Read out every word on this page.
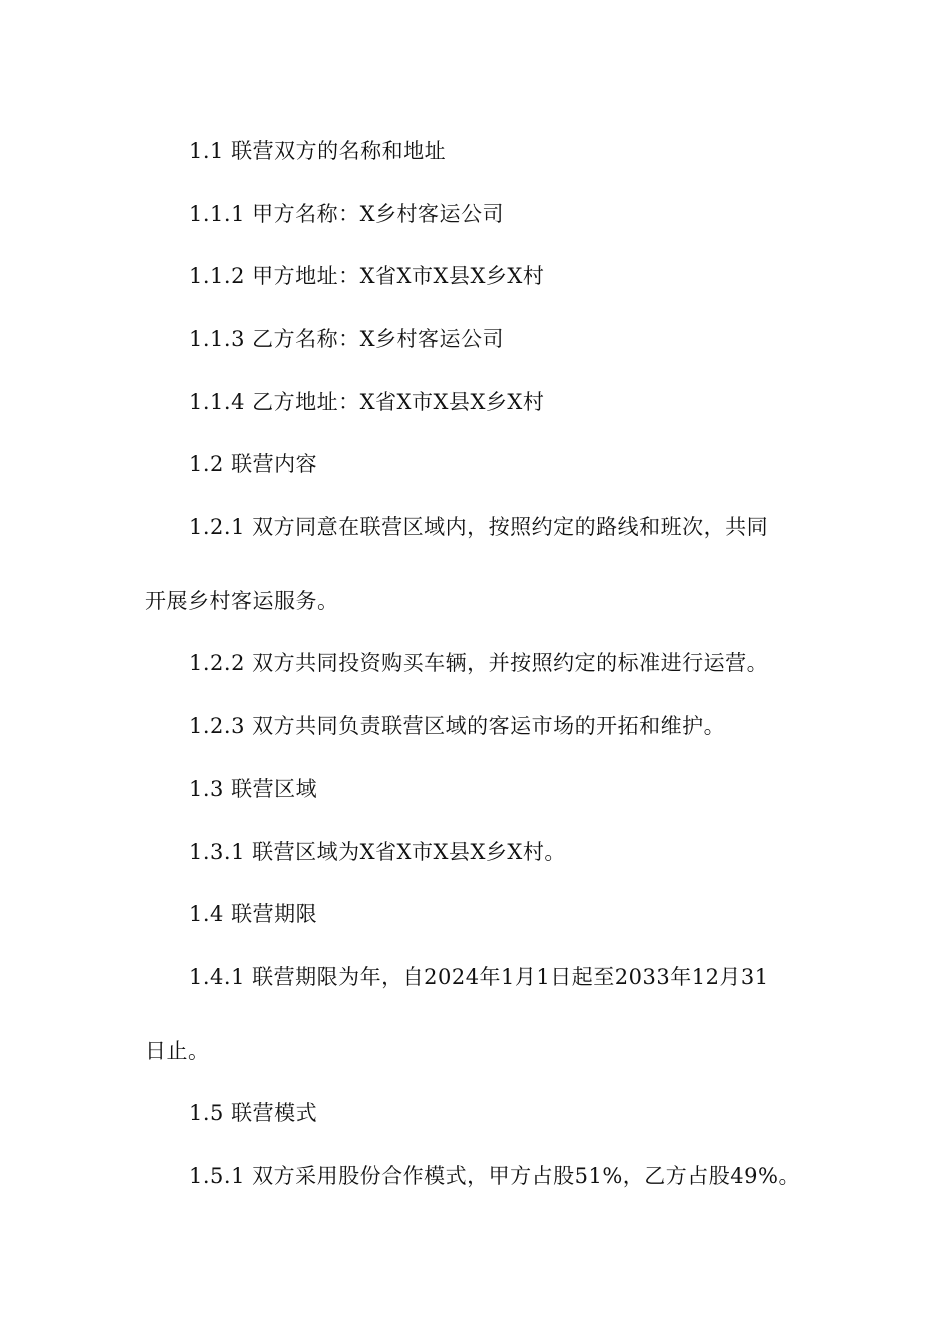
1.1 联营双方的名称和地址

1.1.1 甲方名称：X乡村客运公司

1.1.2 甲方地址：X省X市X县X乡X村

1.1.3 乙方名称：X乡村客运公司

1.1.4 乙方地址：X省X市X县X乡X村

1.2 联营内容

1.2.1 双方同意在联营区域内，按照约定的路线和班次，共同

开展乡村客运服务。

1.2.2 双方共同投资购买车辆，并按照约定的标准进行运营。

1.2.3 双方共同负责联营区域的客运市场的开拓和维护。

1.3 联营区域

1.3.1 联营区域为X省X市X县X乡X村。

1.4 联营期限

1.4.1 联营期限为年，自2024年1月1日起至2033年12月31

日止。

1.5 联营模式

1.5.1 双方采用股份合作模式，甲方占股51%，乙方占股49%。
